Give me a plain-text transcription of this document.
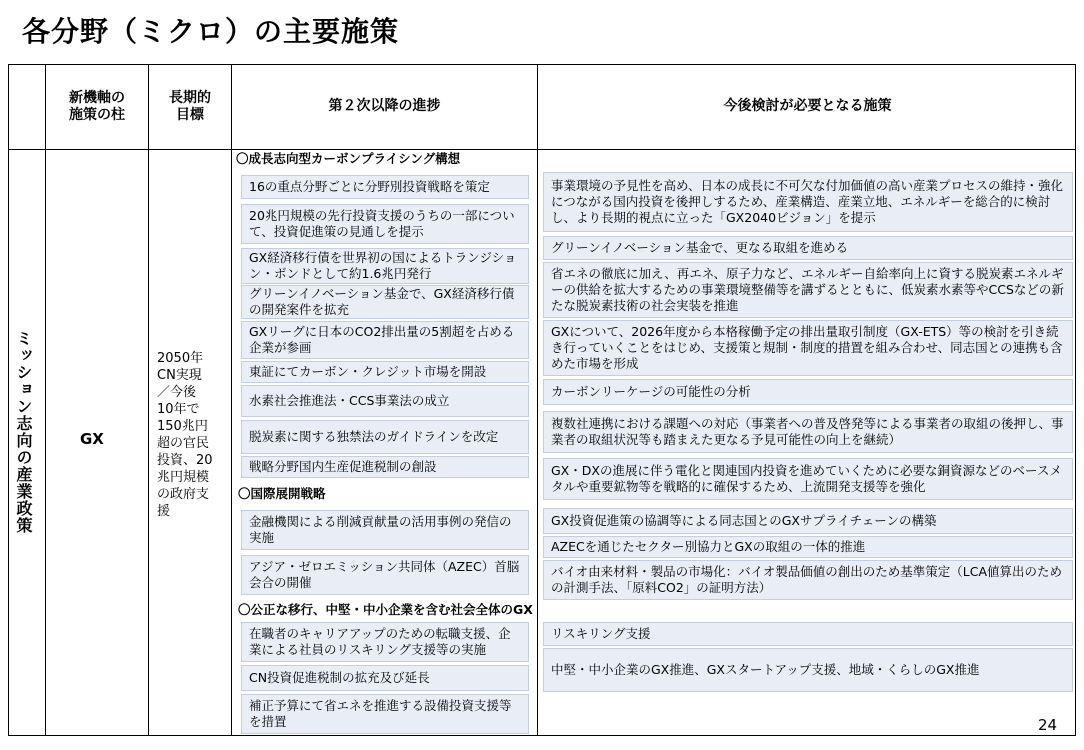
各分野（ミクロ）の主要施策
新機軸の
施策の柱
長期的
目標
第２次以降の進捗	今後検討が必要となる施策
ミッション志向の産業政策	GX
2050年
CN実現
／今後
10年で
150兆円
超の官民
投資、20
兆円規模
の政府支
援
〇成長志向型カーボンプライシング構想
〇国際展開戦略
〇公正な移行、中堅・中小企業を含む社会全体のGX
16の重点分野ごとに分野別投資戦略を策定
20兆円規模の先行投資支援のうちの一部について、投資促進策の見通しを提示
GX経済移行債を世界初の国によるトランジション・ボンドとして約1.6兆円発行
グリーンイノベーション基金で、GX経済移行債の開発案件を拡充
GXリーグに日本のCO2排出量の5割超を占める企業が参画
東証にてカーボン・クレジット市場を開設
水素社会推進法・CCS事業法の成立
脱炭素に関する独禁法のガイドラインを改定
戦略分野国内生産促進税制の創設
金融機関による削減貢献量の活用事例の発信の実施
アジア・ゼロエミッション共同体（AZEC）首脳会合の開催
在職者のキャリアアップのための転職支援、企業による社員のリスキリング支援等の実施
CN投資促進税制の拡充及び延長
補正予算にて省エネを推進する設備投資支援等を措置
事業環境の予見性を高め、日本の成長に不可欠な付加価値の高い産業プロセスの維持・強化につながる国内投資を後押しするため、産業構造、産業立地、エネルギーを総合的に検討し、より長期的視点に立った「GX2040ビジョン」を提示
グリーンイノベーション基金で、更なる取組を進める
省エネの徹底に加え、再エネ、原子力など、エネルギー自給率向上に資する脱炭素エネルギーの供給を拡大するための事業環境整備等を講ずるとともに、低炭素水素等やCCSなどの新たな脱炭素技術の社会実装を推進
GXについて、2026年度から本格稼働予定の排出量取引制度（GX-ETS）等の検討を引き続き行っていくことをはじめ、支援策と規制・制度的措置を組み合わせ、同志国との連携も含めた市場を形成
カーボンリーケージの可能性の分析
複数社連携における課題への対応（事業者への普及啓発等による事業者の取組の後押し、事業者の取組状況等も踏まえた更なる予見可能性の向上を継続）
GX・DXの進展に伴う電化と関連国内投資を進めていくために必要な銅資源などのベースメタルや重要鉱物等を戦略的に確保するため、上流開発支援等を強化
GX投資促進策の協調等による同志国とのGXサプライチェーンの構築
AZECを通じたセクター別協力とGXの取組の一体的推進
バイオ由来材料・製品の市場化：バイオ製品価値の創出のため基準策定（LCA値算出のための計測手法、「原料CO2」の証明方法）
リスキリング支援
中堅・中小企業のGX推進、GXスタートアップ支援、地域・くらしのGX推進
24
